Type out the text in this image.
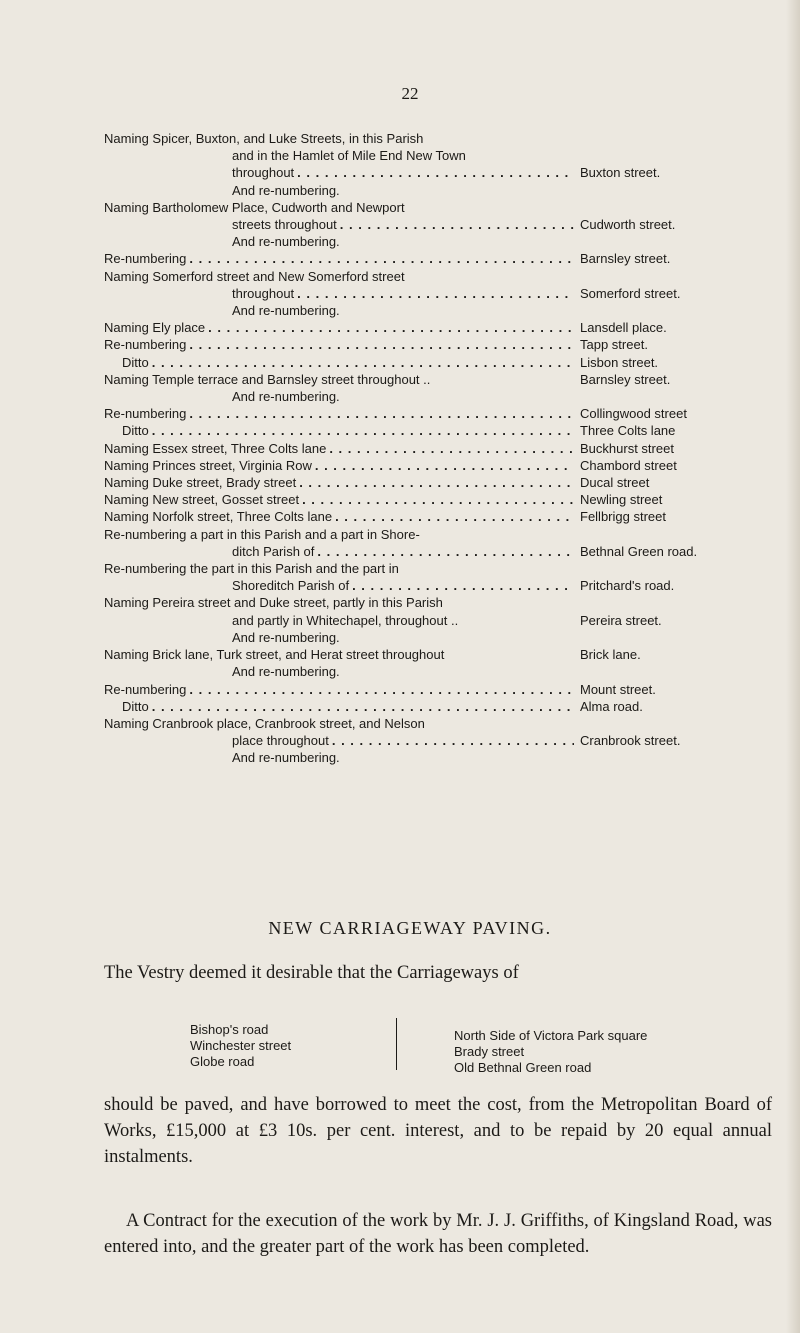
22
Naming Spicer, Buxton, and Luke Streets, in this Parish
and in the Hamlet of Mile End New Town
throughout . . .	Buxton street.
And re-numbering.
Naming Bartholomew Place, Cudworth and Newport
streets throughout . . .	Cudworth street.
And re-numbering.
Re-numbering . . .	Barnsley street.
Naming Somerford street and New Somerford street
throughout . . .	Somerford street.
And re-numbering.
Naming Ely place . . .	Lansdell place.
Re-numbering . . .	Tapp street.
Ditto . . .	Lisbon street.
Naming Temple terrace and Barnsley street throughout ..	Barnsley street.
And re-numbering.
Re-numbering . . .	Collingwood street
Ditto . . .	Three Colts lane
Naming Essex street, Three Colts lane . . .	Buckhurst street
Naming Princes street, Virginia Row . . .	Chambord street
Naming Duke street, Brady street . . .	Ducal street
Naming New street, Gosset street . . .	Newling street
Naming Norfolk street, Three Colts lane . . .	Fellbrigg street
Re-numbering a part in this Parish and a part in Shore-
ditch Parish of . . .	Bethnal Green road.
Re-numbering the part in this Parish and the part in
Shoreditch Parish of . . .	Pritchard's road.
Naming Pereira street and Duke street, partly in this Parish
and partly in Whitechapel, throughout ..	Pereira street.
And re-numbering.
Naming Brick lane, Turk street, and Herat street throughout	Brick lane.
And re-numbering.
Re-numbering . . .	Mount street.
Ditto . . .	Alma road.
Naming Cranbrook place, Cranbrook street, and Nelson
place throughout . . .	Cranbrook street.
And re-numbering.
NEW CARRIAGEWAY PAVING.
The Vestry deemed it desirable that the Carriageways of
Bishop's road
Winchester street
Globe road
North Side of Victora Park square
Brady street
Old Bethnal Green road
should be paved, and have borrowed to meet the cost, from the Metropolitan Board of Works, £15,000 at £3 10s. per cent. interest, and to be repaid by 20 equal annual instalments.
A Contract for the execution of the work by Mr. J. J. Griffiths, of Kingsland Road, was entered into, and the greater part of the work has been completed.
